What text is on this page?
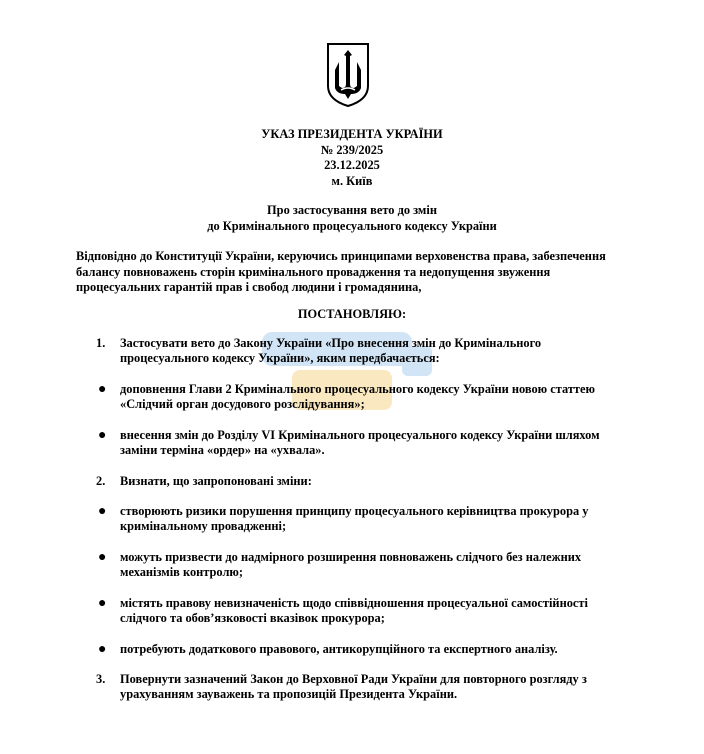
УКАЗ ПРЕЗИДЕНТА УКРАЇНИ
№ 239/2025
23.12.2025
м. Київ
Про застосування вето до змін
до Кримінального процесуального кодексу України
Відповідно до Конституції України, керуючись принципами верховенства права, забезпечення балансу повноважень сторін кримінального провадження та недопущення звуження процесуальних гарантій прав і свобод людини і громадянина,
ПОСТАНОВЛЯЮ:
1.	Застосувати вето до Закону України «Про внесення змін до Кримінального процесуального кодексу України», яким передбачається:
●	доповнення Глави 2 Кримінального процесуального кодексу України новою статтею «Слідчий орган досудового розслідування»;
●	внесення змін до Розділу VI Кримінального процесуального кодексу України шляхом заміни терміна «ордер» на «ухвала».
2.	Визнати, що запропоновані зміни:
●	створюють ризики порушення принципу процесуального керівництва прокурора у кримінальному провадженні;
●	можуть призвести до надмірного розширення повноважень слідчого без належних механізмів контролю;
●	містять правову невизначеність щодо співвідношення процесуальної самостійності слідчого та обов’язковості вказівок прокурора;
●	потребують додаткового правового, антикорупційного та експертного аналізу.
3.	Повернути зазначений Закон до Верховної Ради України для повторного розгляду з урахуванням зауважень та пропозицій Президента України.
